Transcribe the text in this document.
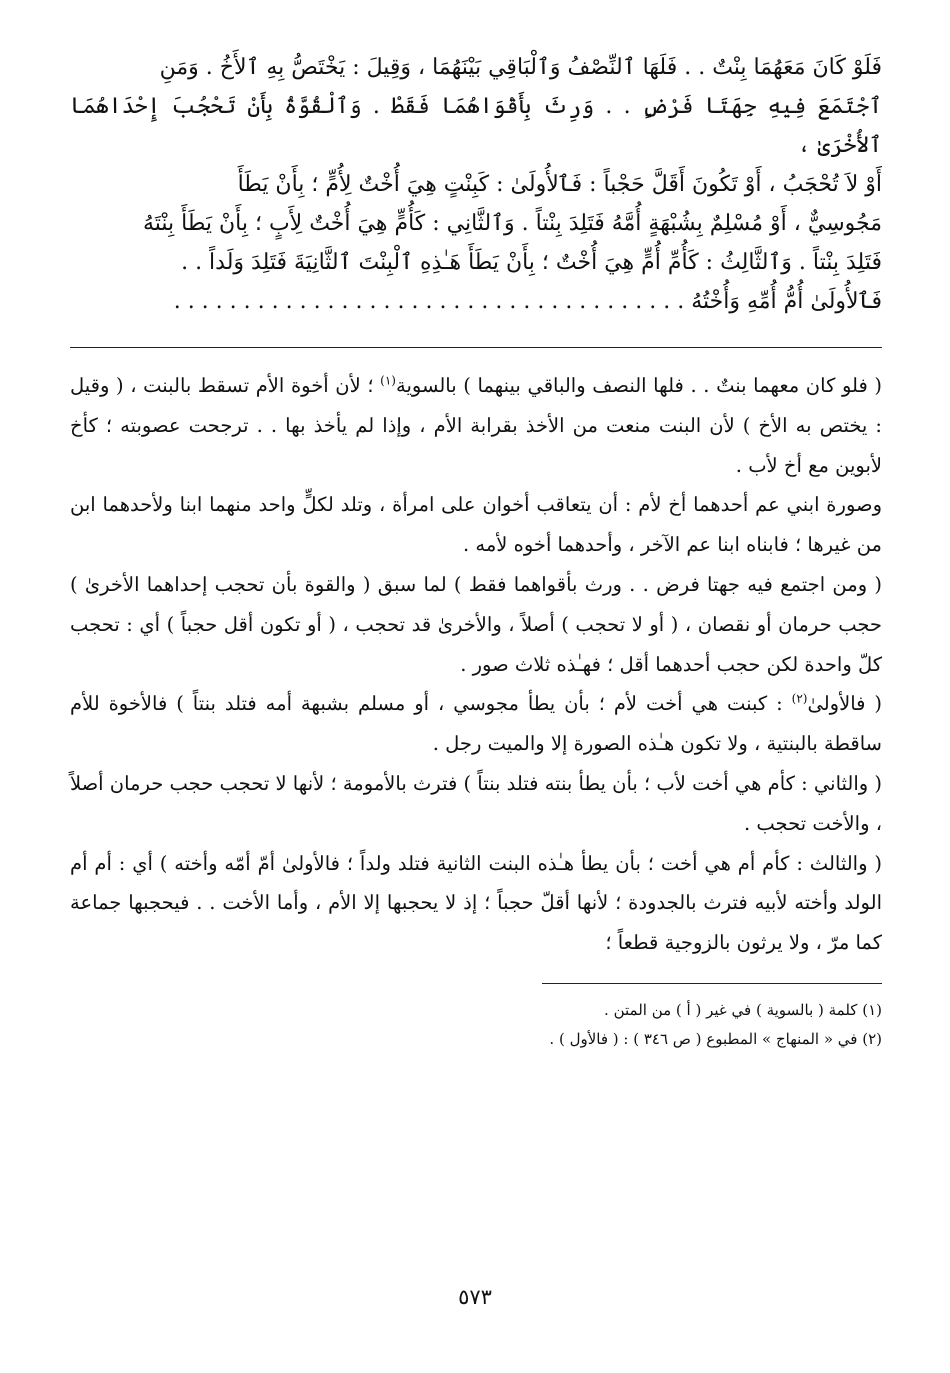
فَلَوْ كَانَ مَعَهُمَا بِنْتٌ . . فَلَهَا ٱلنِّصْفُ وَٱلْبَاقِي بَيْنَهُمَا ، وَقِيلَ : يَخْتَصُّ بِهِ ٱلأَخُ . وَمَنِ

ٱجْتَمَعَ فِيهِ جِهَتَا فَرْضٍ . . وَرِثَ بِأَقْوَاهُمَا فَقَطْ . وَٱلْقُوَّةُ بِأَنْ تَحْجُبَ إِحْدَاهُمَا ٱلأُخْرَىٰ ،

أَوْ لاَ تُحْجَبُ ، أَوْ تَكُونَ أَقَلَّ حَجْباً : فَٱلأُولَىٰ : كَبِنْتٍ هِيَ أُخْتٌ لِأُمٍّ ؛ بِأَنْ يَطَأَ

مَجُوسِيٌّ ، أَوْ مُسْلِمٌ بِشُبْهَةٍ أُمَّهُ فَتَلِدَ بِنْتاً . وَٱلثَّانِي : كَأُمٍّ هِيَ أُخْتٌ لِأَبٍ ؛ بِأَنْ يَطَأَ بِنْتَهُ

فَتَلِدَ بِنْتاً . وَٱلثَّالِثُ : كَأُمِّ أُمٍّ هِيَ أُخْتٌ ؛ بِأَنْ يَطَأَ هَـٰذِهِ ٱلْبِنْتَ ٱلثَّانِيَةَ فَتَلِدَ وَلَداً . .

فَٱلأُولَىٰ أُمُّ أُمِّهِ وَأُخْتُهُ . . . . . . . . . . . . . . . . . . . . . . . . . . . . . . . . . . . . .

( فلو كان معهما بنتٌ . . فلها النصف والباقي بينهما ) بالسوية$^{(١)}$ ؛ لأن أخوة الأم تسقط بالبنت ، ( وقيل : يختص به الأخ ) لأن البنت منعت من الأخذ بقرابة الأم ، وإذا لم يأخذ بها . . ترجحت عصوبته ؛ كأخ لأبوين مع أخ لأب .

وصورة ابني عم أحدهما أخ لأم : أن يتعاقب أخوان على امرأة ، وتلد لكلٍّ واحد منهما ابنا ولأحدهما ابن من غيرها ؛ فابناه ابنا عم الآخر ، وأحدهما أخوه لأمه .

( ومن اجتمع فيه جهتا فرض . . ورث بأقواهما فقط ) لما سبق ( والقوة بأن تحجب إحداهما الأخرىٰ ) حجب حرمان أو نقصان ، ( أو لا تحجب ) أصلاً ، والأخرىٰ قد تحجب ، ( أو تكون أقل حجباً ) أي : تحجب كلّ واحدة لكن حجب أحدهما أقل ؛ فهـٰذه ثلاث صور .

( فالأولىٰ$^{(٢)}$ : كبنت هي أخت لأم ؛ بأن يطأ مجوسي ، أو مسلم بشبهة أمه فتلد بنتاً ) فالأخوة للأم ساقطة بالبنتية ، ولا تكون هـٰذه الصورة إلا والميت رجل .

( والثاني : كأم هي أخت لأب ؛ بأن يطأ بنته فتلد بنتاً ) فترث بالأمومة ؛ لأنها لا تحجب حجب حرمان أصلاً ، والأخت تحجب .

( والثالث : كأم أم هي أخت ؛ بأن يطأ هـٰذه البنت الثانية فتلد ولداً ؛ فالأولىٰ أمّ أمّه وأخته ) أي : أم أم الولد وأخته لأبيه فترث بالجدودة ؛ لأنها أقلّ حجباً ؛ إذ لا يحجبها إلا الأم ، وأما الأخت . . فيحجبها جماعة كما مرّ ، ولا يرثون بالزوجية قطعاً ؛

(١) كلمة ( بالسوية ) في غير ( أ ) من المتن .

(٢) في « المنهاج » المطبوع ( ص ٣٤٦ ) : ( فالأول ) .

٥٧٣
